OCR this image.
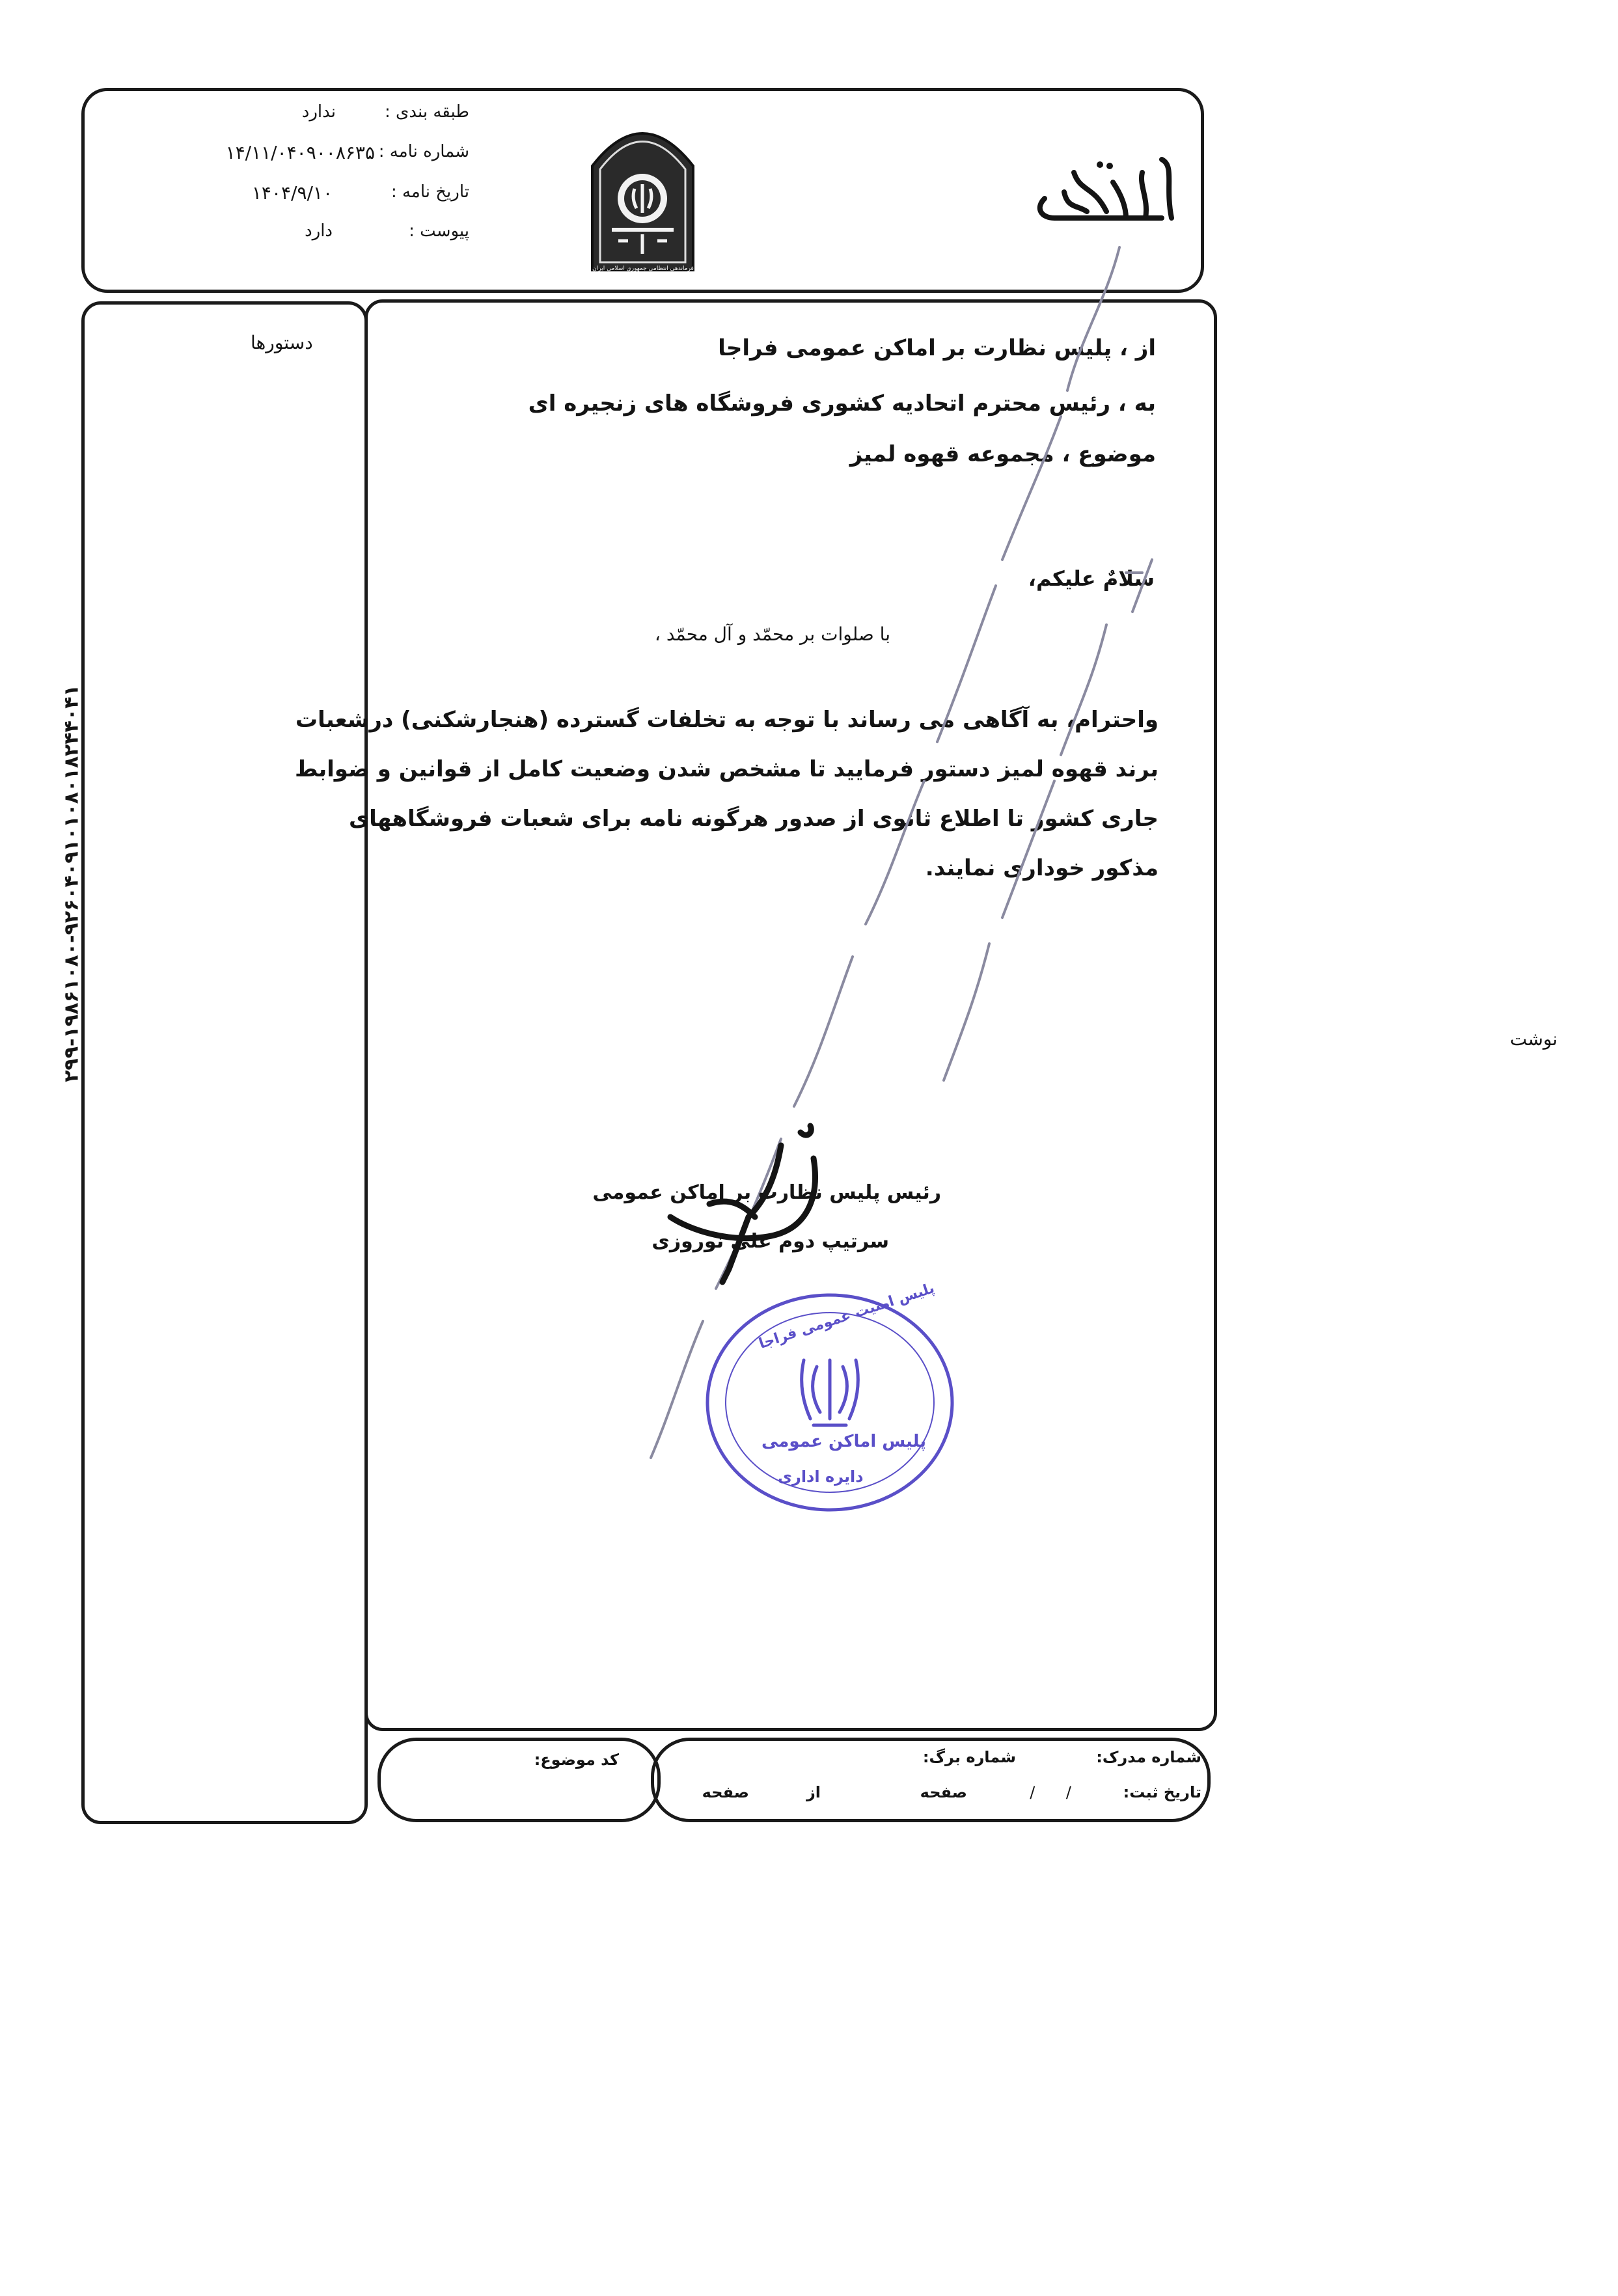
فرماندهی انتظامی جمهوری اسلامی ایران
طبقه بندی :
ندارد
شماره نامه :
۱۴/۱۱/۰۴۰۹۰۰۸۶۳۵
تاریخ نامه :
۱۴۰۴/۹/۱۰
پیوست :
دارد
دستورها	از ، پلیس نظارت بر اماکن عمومی فراجا
به ، رئیس محترم اتحادیه کشوری فروشگاه های زنجیره ای
موضوع ، مجموعه قهوه لمیز
سلامٌ علیکم،
با صلوات بر محمّد و آل محمّد ،
واحترام، به آگاهی می رساند با توجه به تخلفات گسترده (هنجارشکنی) درشعبات
برند قهوه لمیز دستور فرمایید تا مشخص شدن وضعیت کامل از قوانین و ضوابط
جاری کشور تا اطلاع ثانوی از صدور هرگونه نامه برای شعبات فروشگاههای
مذکور خوداری نمایند.
رئیس پلیس نظارت بر اماکن عمومی
سرتیپ دوم علی نوروزی
پلیس امنیت عمومی فراجا
پلیس اماکن عمومی
دایره اداری
کد موضوع:	شماره مدرک:
تاریخ ثبت:
/ /
شماره برگ:
صفحه
از
صفحه
۲۹۹-۱۹۸۶۱۰۸۰-۹۲۶۰۴۰۹۱۰۱۰۸۰۱۸۲۴۴۰۴۱	نوشت
